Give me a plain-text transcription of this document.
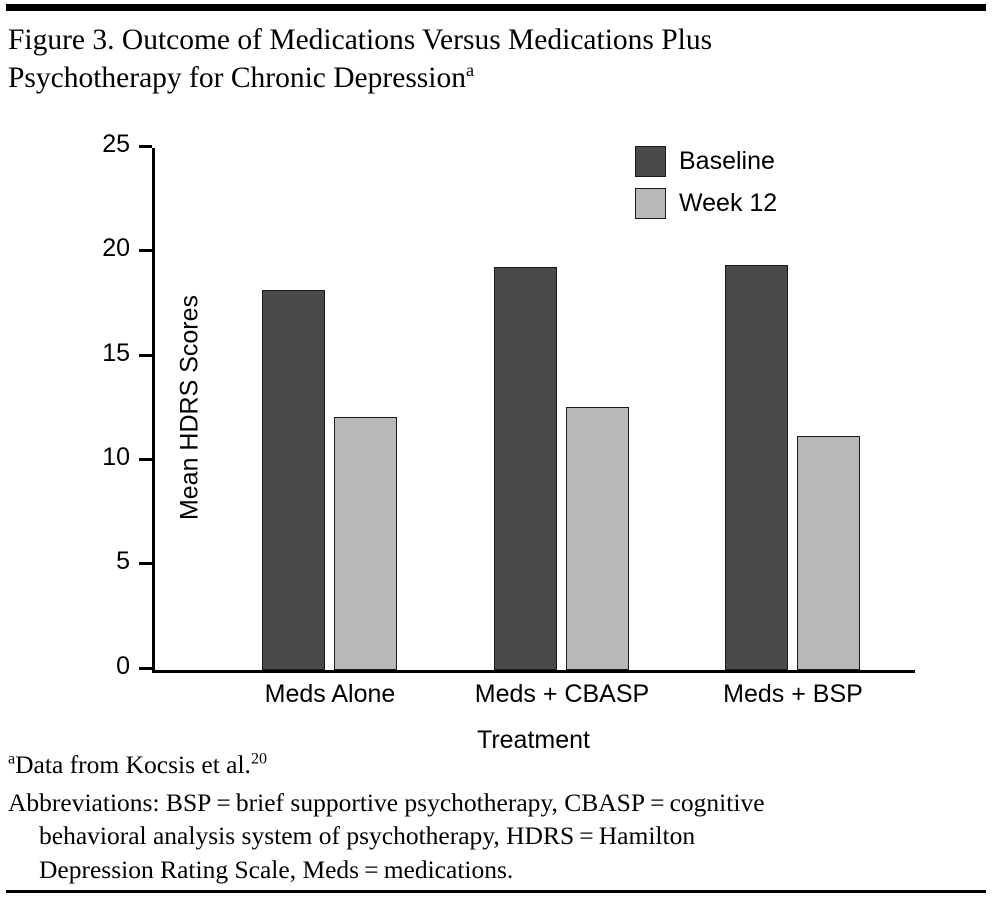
Figure 3. Outcome of Medications Versus Medications Plus
Psychotherapy for Chronic Depression$^a$
Baseline
Week 12
0
5
10
15
20
25
Meds Alone	Meds + CBASP	Meds + BSP
Treatment
Mean HDRS Scores

$^a$Data from Kocsis et al.$^{20}$

Abbreviations: BSP = brief supportive psychotherapy, CBASP = cognitive
behavioral analysis system of psychotherapy, HDRS = Hamilton
Depression Rating Scale, Meds = medications.
